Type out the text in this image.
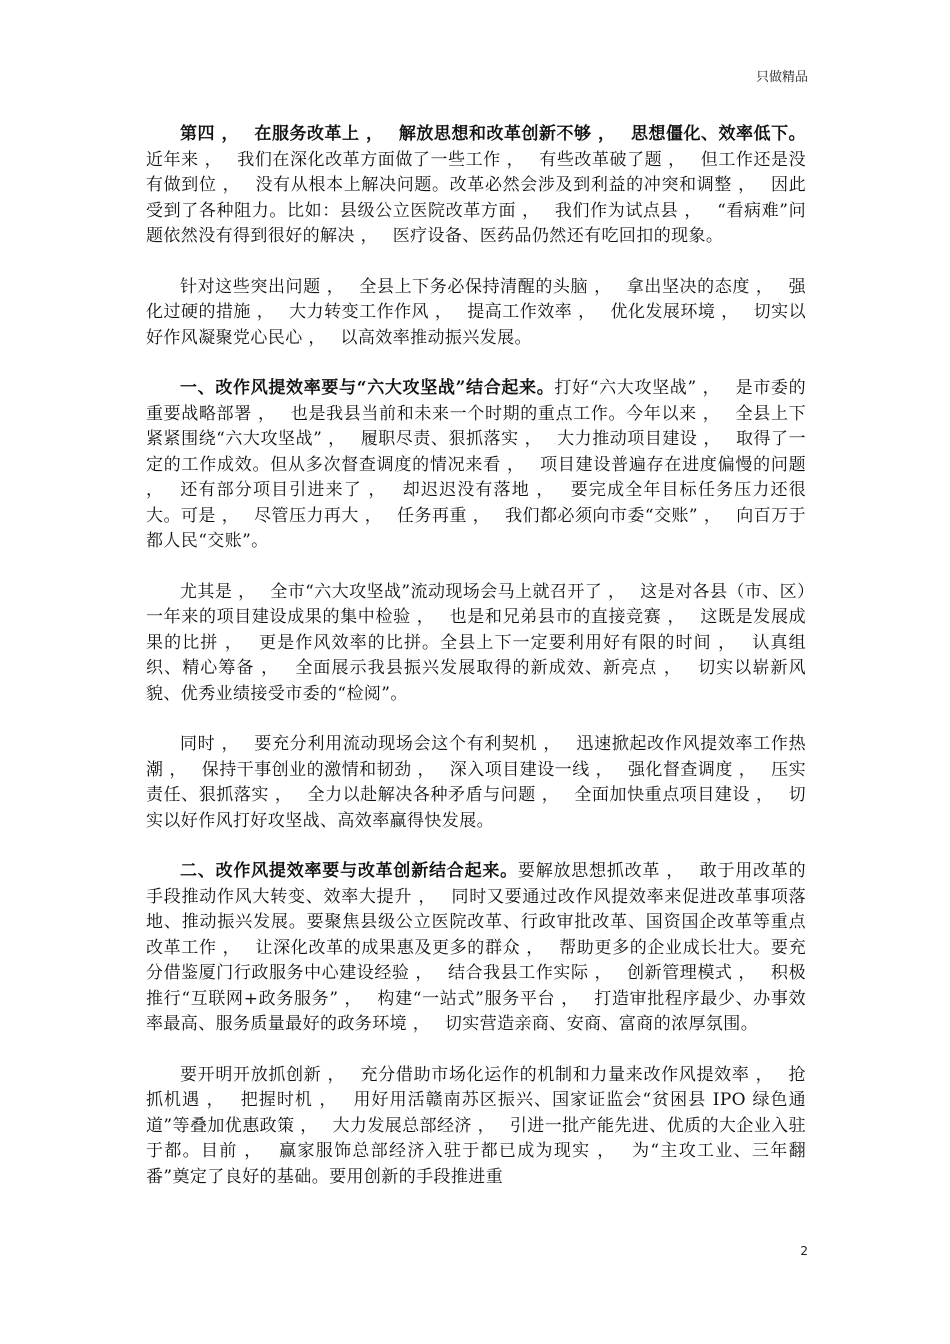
只做精品

第四 ，　 在服务改革上 ，　 解放思想和改革创新不够 ，　 思想僵化、效率低下。近年来 ，　 我们在深化改革方面做了一些工作 ，　 有些改革破了题 ，　 但工作还是没有做到位 ，　 没有从根本上解决问题。改革必然会涉及到利益的冲突和调整 ，　 因此受到了各种阻力。比如：县级公立医院改革方面 ，　 我们作为试点县 ，　 “看病难”问题依然没有得到很好的解决 ，　 医疗设备、医药品仍然还有吃回扣的现象。

针对这些突出问题 ，　 全县上下务必保持清醒的头脑 ，　 拿出坚决的态度 ，　 强化过硬的措施 ，　 大力转变工作作风 ，　 提高工作效率 ，　 优化发展环境 ，　 切实以好作风凝聚党心民心 ，　 以高效率推动振兴发展。

一、改作风提效率要与“六大攻坚战”结合起来。打好“六大攻坚战” ，　 是市委的重要战略部署 ，　 也是我县当前和未来一个时期的重点工作。今年以来 ，　 全县上下紧紧围绕“六大攻坚战” ，　 履职尽责、狠抓落实 ，　 大力推动项目建设 ，　 取得了一定的工作成效。但从多次督查调度的情况来看 ，　 项目建设普遍存在进度偏慢的问题 ，　 还有部分项目引进来了 ，　 却迟迟没有落地 ，　 要完成全年目标任务压力还很大。可是 ，　 尽管压力再大 ，　 任务再重 ，　 我们都必须向市委“交账” ，　 向百万于都人民“交账”。

尤其是 ，　 全市“六大攻坚战”流动现场会马上就召开了 ，　 这是对各县（市、区）一年来的项目建设成果的集中检验 ，　 也是和兄弟县市的直接竞赛 ，　 这既是发展成果的比拼 ，　 更是作风效率的比拼。全县上下一定要利用好有限的时间 ，　 认真组织、精心筹备 ，　 全面展示我县振兴发展取得的新成效、新亮点 ，　 切实以崭新风貌、优秀业绩接受市委的“检阅”。

同时 ，　 要充分利用流动现场会这个有利契机 ，　 迅速掀起改作风提效率工作热潮 ，　 保持干事创业的激情和韧劲 ，　 深入项目建设一线 ，　 强化督查调度 ，　 压实责任、狠抓落实 ，　 全力以赴解决各种矛盾与问题 ，　 全面加快重点项目建设 ，　 切实以好作风打好攻坚战、高效率赢得快发展。

二、改作风提效率要与改革创新结合起来。要解放思想抓改革 ，　 敢于用改革的手段推动作风大转变、效率大提升 ，　 同时又要通过改作风提效率来促进改革事项落地、推动振兴发展。要聚焦县级公立医院改革、行政审批改革、国资国企改革等重点改革工作 ，　 让深化改革的成果惠及更多的群众 ，　 帮助更多的企业成长壮大。要充分借鉴厦门行政服务中心建设经验 ，　 结合我县工作实际 ，　 创新管理模式 ，　 积极推行“互联网+政务服务” ，　 构建“一站式”服务平台 ，　 打造审批程序最少、办事效率最高、服务质量最好的政务环境 ，　 切实营造亲商、安商、富商的浓厚氛围。

要开明开放抓创新 ，　 充分借助市场化运作的机制和力量来改作风提效率 ，　 抢抓机遇 ，　 把握时机 ，　 用好用活赣南苏区振兴、国家证监会“贫困县 IPO 绿色通道”等叠加优惠政策 ，　 大力发展总部经济 ，　 引进一批产能先进、优质的大企业入驻于都。目前 ，　 赢家服饰总部经济入驻于都已成为现实 ，　 为“主攻工业、三年翻番”奠定了良好的基础。要用创新的手段推进重

2
